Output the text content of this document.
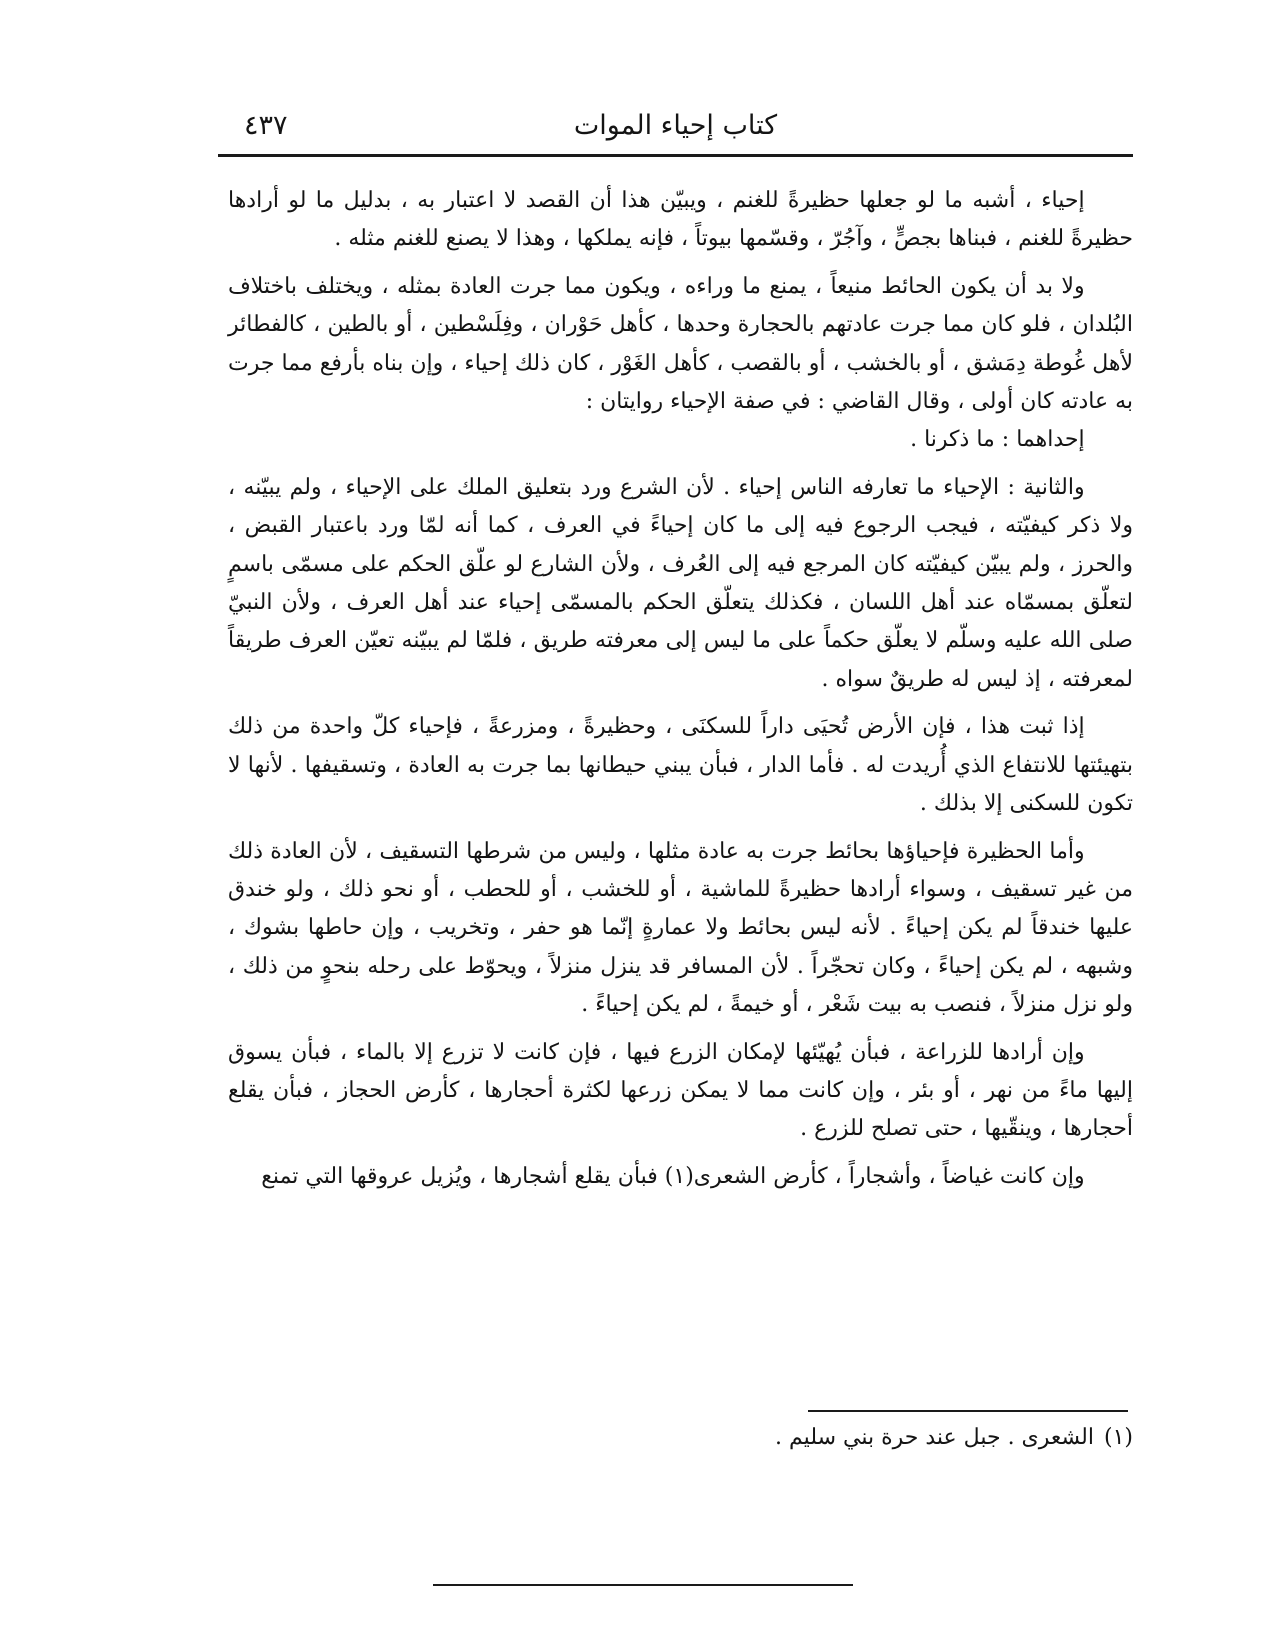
كتاب إحياء الموات
٤٣٧

إحياء ، أشبه ما لو جعلها حظيرةً للغنم ، ويبيّن هذا أن القصد لا اعتبار به ، بدليل ما لو أرادها حظيرةً للغنم ، فبناها بجصٍّ ، وآجُرّ ، وقسّمها بيوتاً ، فإنه يملكها ، وهذا لا يصنع للغنم مثله .

ولا بد أن يكون الحائط منيعاً ، يمنع ما وراءه ، ويكون مما جرت العادة بمثله ، ويختلف باختلاف البُلدان ، فلو كان مما جرت عادتهم بالحجارة وحدها ، كأهل حَوْران ، وفِلَسْطين ، أو بالطين ، كالفطائر لأهل غُوطة دِمَشق ، أو بالخشب ، أو بالقصب ، كأهل الغَوْر ، كان ذلك إحياء ، وإن بناه بأرفع مما جرت به عادته كان أولى ، وقال القاضي : في صفة الإحياء روايتان :

إحداهما : ما ذكرنا .

والثانية : الإحياء ما تعارفه الناس إحياء . لأن الشرع ورد بتعليق الملك على الإحياء ، ولم يبيّنه ، ولا ذكر كيفيّته ، فيجب الرجوع فيه إلى ما كان إحياءً في العرف ، كما أنه لمّا ورد باعتبار القبض ، والحرز ، ولم يبيّن كيفيّته كان المرجع فيه إلى العُرف ، ولأن الشارع لو علّق الحكم على مسمّى باسمٍ لتعلّق بمسمّاه عند أهل اللسان ، فكذلك يتعلّق الحكم بالمسمّى إحياء عند أهل العرف ، ولأن النبيّ صلى الله عليه وسلّم لا يعلّق حكماً على ما ليس إلى معرفته طريق ، فلمّا لم يبيّنه تعيّن العرف طريقاً لمعرفته ، إذ ليس له طريقٌ سواه .

إذا ثبت هذا ، فإن الأرض تُحيَى داراً للسكنَى ، وحظيرةً ، ومزرعةً ، فإحياء كلّ واحدة من ذلك بتهيئتها للانتفاع الذي أُريدت له . فأما الدار ، فبأن يبني حيطانها بما جرت به العادة ، وتسقيفها . لأنها لا تكون للسكنى إلا بذلك .

وأما الحظيرة فإحياؤها بحائط جرت به عادة مثلها ، وليس من شرطها التسقيف ، لأن العادة ذلك من غير تسقيف ، وسواء أرادها حظيرةً للماشية ، أو للخشب ، أو للحطب ، أو نحو ذلك ، ولو خندق عليها خندقاً لم يكن إحياءً . لأنه ليس بحائط ولا عمارةٍ إنّما هو حفر ، وتخريب ، وإن حاطها بشوك ، وشبهه ، لم يكن إحياءً ، وكان تحجّراً . لأن المسافر قد ينزل منزلاً ، ويحوّط على رحله بنحوٍ من ذلك ، ولو نزل منزلاً ، فنصب به بيت شَعْر ، أو خيمةً ، لم يكن إحياءً .

وإن أرادها للزراعة ، فبأن يُهيّئها لإمكان الزرع فيها ، فإن كانت لا تزرع إلا بالماء ، فبأن يسوق إليها ماءً من نهر ، أو بئر ، وإن كانت مما لا يمكن زرعها لكثرة أحجارها ، كأرض الحجاز ، فبأن يقلع أحجارها ، وينقّيها ، حتى تصلح للزرع .

وإن كانت غياضاً ، وأشجاراً ، كأرض الشعرى(١) فبأن يقلع أشجارها ، ويُزيل عروقها التي تمنع

(١)الشعرى . جبل عند حرة بني سليم .
